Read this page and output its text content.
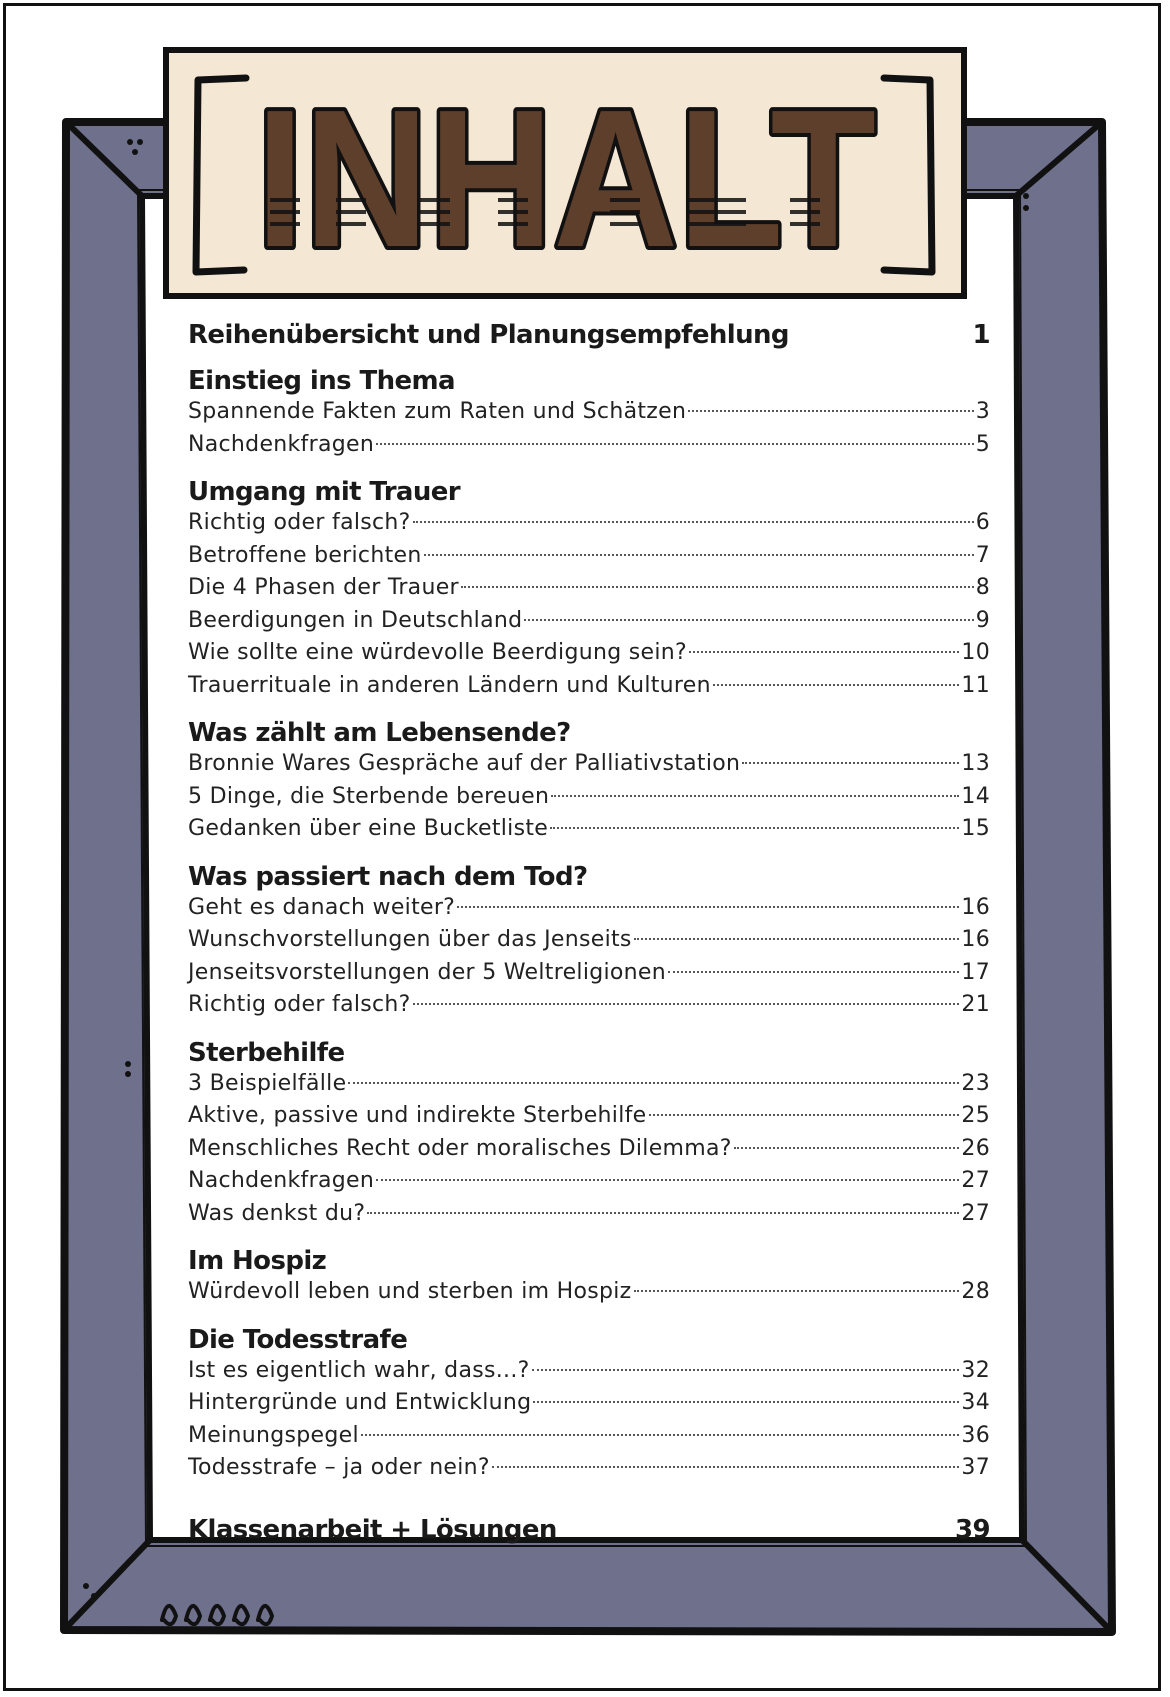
INHALT
Reihenübersicht und Planungsempfehlung	1
Einstieg ins Thema
Spannende Fakten zum Raten und Schätzen	3
Nachdenkfragen	5
Umgang mit Trauer
Richtig oder falsch?	6
Betroffene berichten	7
Die 4 Phasen der Trauer	8
Beerdigungen in Deutschland	9
Wie sollte eine würdevolle Beerdigung sein?	10
Trauerrituale in anderen Ländern und Kulturen	11
Was zählt am Lebensende?
Bronnie Wares Gespräche auf der Palliativstation	13
5 Dinge, die Sterbende bereuen	14
Gedanken über eine Bucketliste	15
Was passiert nach dem Tod?
Geht es danach weiter?	16
Wunschvorstellungen über das Jenseits	16
Jenseitsvorstellungen der 5 Weltreligionen	17
Richtig oder falsch?	21
Sterbehilfe
3 Beispielfälle	23
Aktive, passive und indirekte Sterbehilfe	25
Menschliches Recht oder moralisches Dilemma?	26
Nachdenkfragen	27
Was denkst du?	27
Im Hospiz
Würdevoll leben und sterben im Hospiz	28
Die Todesstrafe
Ist es eigentlich wahr, dass...?	32
Hintergründe und Entwicklung	34
Meinungspegel	36
Todesstrafe – ja oder nein?	37
Klassenarbeit + Lösungen	39
